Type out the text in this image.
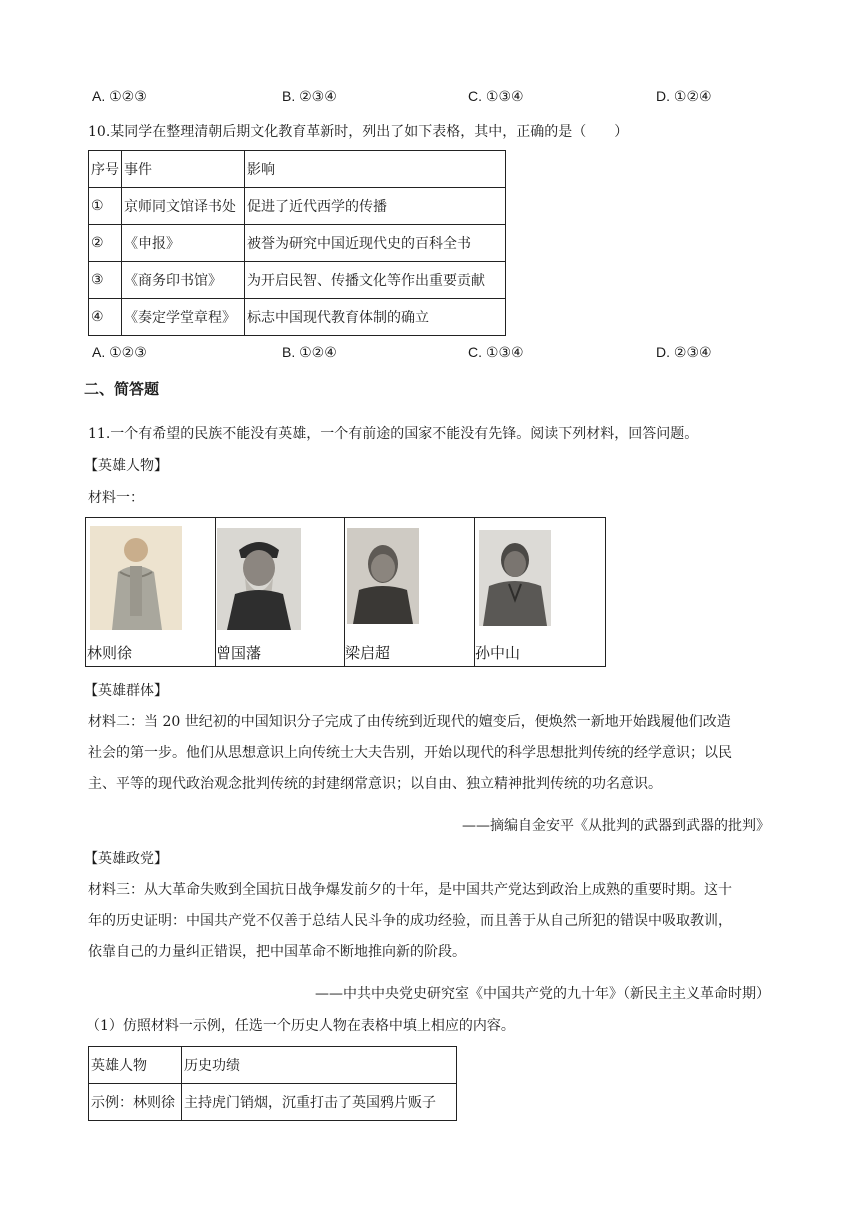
A. ①②③	B. ②③④	C. ①③④	D. ①②④
10.某同学在整理清朝后期文化教育革新时，列出了如下表格，其中，正确的是（　　）
序号	事件	影响
①	京师同文馆译书处	促进了近代西学的传播
②	《申报》	被誉为研究中国近现代史的百科全书
③	《商务印书馆》	为开启民智、传播文化等作出重要贡献
④	《奏定学堂章程》	标志中国现代教育体制的确立
A. ①②③	B. ①②④	C. ①③④	D. ②③④
二、简答题
11.一个有希望的民族不能没有英雄，一个有前途的国家不能没有先锋。阅读下列材料，回答问题。
【英雄人物】
材料一：
林则徐	曾国藩	梁启超	孙中山
【英雄群体】
材料二：当 20 世纪初的中国知识分子完成了由传统到近现代的嬗变后，便焕然一新地开始践履他们改造
社会的第一步。他们从思想意识上向传统士大夫告别，开始以现代的科学思想批判传统的经学意识；以民
主、平等的现代政治观念批判传统的封建纲常意识；以自由、独立精神批判传统的功名意识。
——摘编自金安平《从批判的武器到武器的批判》
【英雄政党】
材料三：从大革命失败到全国抗日战争爆发前夕的十年，是中国共产党达到政治上成熟的重要时期。这十
年的历史证明：中国共产党不仅善于总结人民斗争的成功经验，而且善于从自己所犯的错误中吸取教训，
依靠自己的力量纠正错误，把中国革命不断地推向新的阶段。
——中共中央党史研究室《中国共产党的九十年》（新民主主义革命时期）
（1）仿照材料一示例，任选一个历史人物在表格中填上相应的内容。
英雄人物	历史功绩
示例：林则徐	主持虎门销烟，沉重打击了英国鸦片贩子
